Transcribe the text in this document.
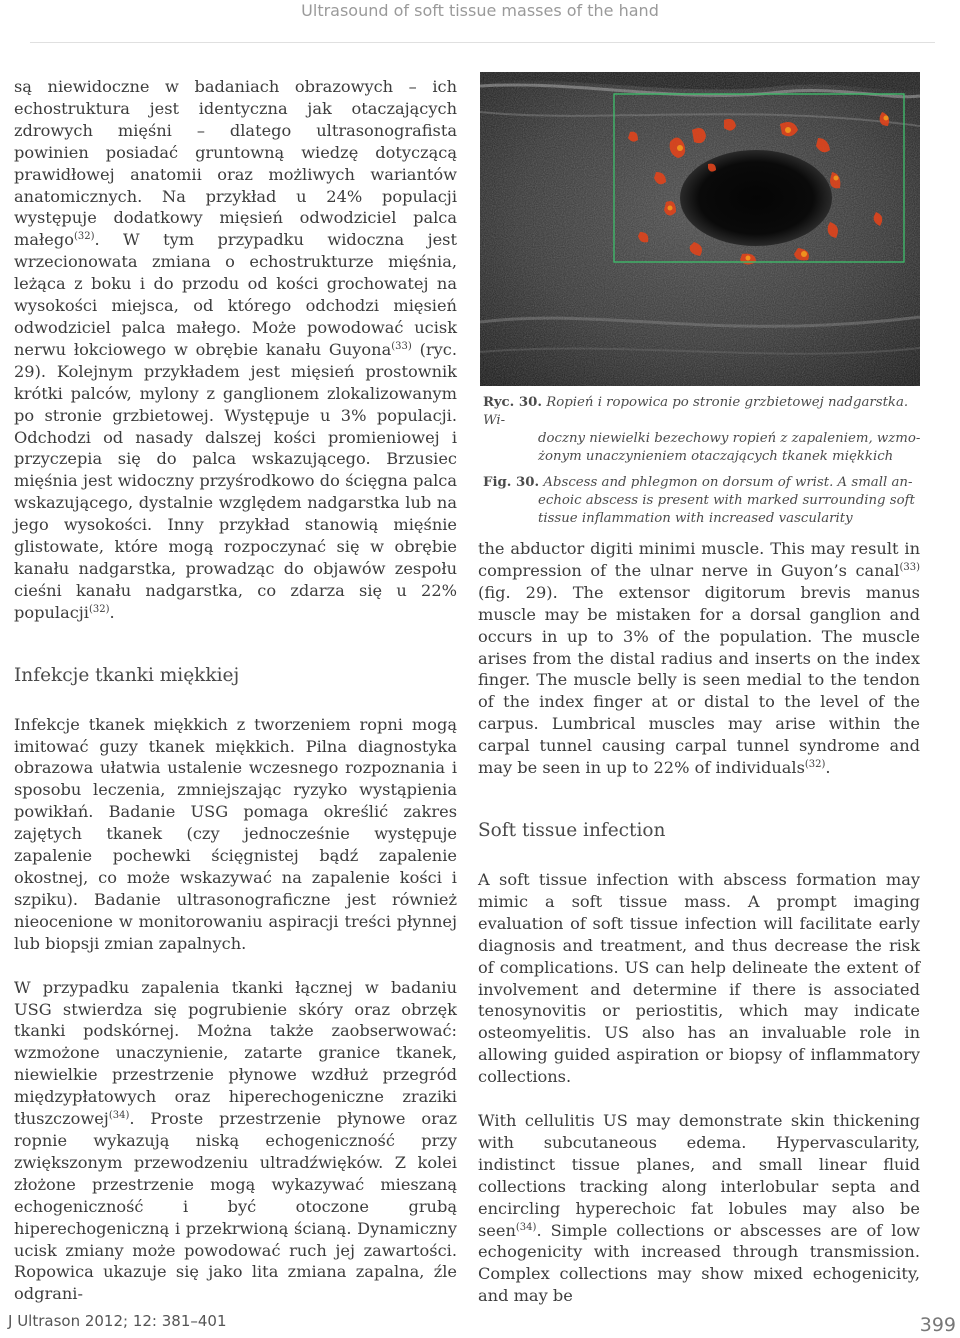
Ultrasound of soft tissue masses of the hand

są niewidoczne w badaniach obrazowych – ich echostruktura jest identyczna jak otaczających zdrowych mięśni – dlatego ultrasonografista powinien posiadać gruntowną wiedzę dotyczącą prawidłowej anatomii oraz możliwych wariantów anatomicznych. Na przykład u 24% populacji występuje dodatkowy mięsień odwodziciel palca małego$^{(32)}$. W tym przypadku widoczna jest wrzecionowata zmiana o echostrukturze mięśnia, leżąca z boku i do przodu od kości grochowatej na wysokości miejsca, od którego odchodzi mięsień odwodziciel palca małego. Może powodować ucisk nerwu łokciowego w obrębie kanału Guyona$^{(33)}$ (ryc. 29). Kolejnym przykładem jest mięsień prostownik krótki palców, mylony z ganglionem zlokalizowanym po stronie grzbietowej. Występuje u 3% populacji. Odchodzi od nasady dalszej kości promieniowej i przyczepia się do palca wskazującego. Brzusiec mięśnia jest widoczny przyśrodkowo do ścięgna palca wskazującego, dystalnie względem nadgarstka lub na jego wysokości. Inny przykład stanowią mięśnie glistowate, które mogą rozpoczynać się w obrębie kanału nadgarstka, prowadząc do objawów zespołu cieśni kanału nadgarstka, co zdarza się u 22% populacji$^{(32)}$.

Infekcje tkanki miękkiej

Infekcje tkanek miękkich z tworzeniem ropni mogą imitować guzy tkanek miękkich. Pilna diagnostyka obrazowa ułatwia ustalenie wczesnego rozpoznania i sposobu leczenia, zmniejszając ryzyko wystąpienia powikłań. Badanie USG pomaga określić zakres zajętych tkanek (czy jednocześnie występuje zapalenie pochewki ścięgnistej bądź zapalenie okostnej, co może wskazywać na zapalenie kości i szpiku). Badanie ultrasonograficzne jest również nieocenione w monitorowaniu aspiracji treści płynnej lub biopsji zmian zapalnych.

W przypadku zapalenia tkanki łącznej w badaniu USG stwierdza się pogrubienie skóry oraz obrzęk tkanki podskórnej. Można także zaobserwować: wzmożone unaczynienie, zatarte granice tkanek, niewielkie przestrzenie płynowe wzdłuż przegród międzypłatowych oraz hiperechogeniczne zraziki tłuszczowej$^{(34)}$. Proste przestrzenie płynowe oraz ropnie wykazują niską echogeniczność przy zwiększonym przewodzeniu ultradźwięków. Z kolei złożone przestrzenie mogą wykazywać mieszaną echogeniczność i być otoczone grubą hiperechogeniczną i przekrwioną ścianą. Dynamiczny ucisk zmiany może powodować ruch jej zawartości. Ropowica ukazuje się jako lita zmiana zapalna, źle odgrani-

Ryc. 30. Ropień i ropowica po stronie grzbietowej nadgarstka. Wi-
doczny niewielki bezechowy ropień z zapaleniem, wzmo-
żonym unaczynieniem otaczających tkanek miękkich
Fig. 30. Abscess and phlegmon on dorsum of wrist. A small an-
echoic abscess is present with marked surrounding soft
tissue inflammation with increased vascularity

the abductor digiti minimi muscle. This may result in compression of the ulnar nerve in Guyon’s canal$^{(33)}$ (fig. 29). The extensor digitorum brevis manus muscle may be mistaken for a dorsal ganglion and occurs in up to 3% of the population. The muscle arises from the distal radius and inserts on the index finger. The muscle belly is seen medial to the tendon of the index finger at or distal to the level of the carpus. Lumbrical muscles may arise within the carpal tunnel causing carpal tunnel syndrome and may be seen in up to 22% of individuals$^{(32)}$.

Soft tissue infection

A soft tissue infection with abscess formation may mimic a soft tissue mass. A prompt imaging evaluation of soft tissue infection will facilitate early diagnosis and treatment, and thus decrease the risk of complications. US can help delineate the extent of involvement and determine if there is associated tenosynovitis or periostitis, which may indicate osteomyelitis. US also has an invaluable role in allowing guided aspiration or biopsy of inflammatory collections.

With cellulitis US may demonstrate skin thickening with subcutaneous edema. Hypervascularity, indistinct tissue planes, and small linear fluid collections tracking along interlobular septa and encircling hyperechoic fat lobules may also be seen$^{(34)}$. Simple collections or abscesses are of low echogenicity with increased through transmission. Complex collections may show mixed echogenicity, and may be

J Ultrason 2012; 12: 381–401	399
